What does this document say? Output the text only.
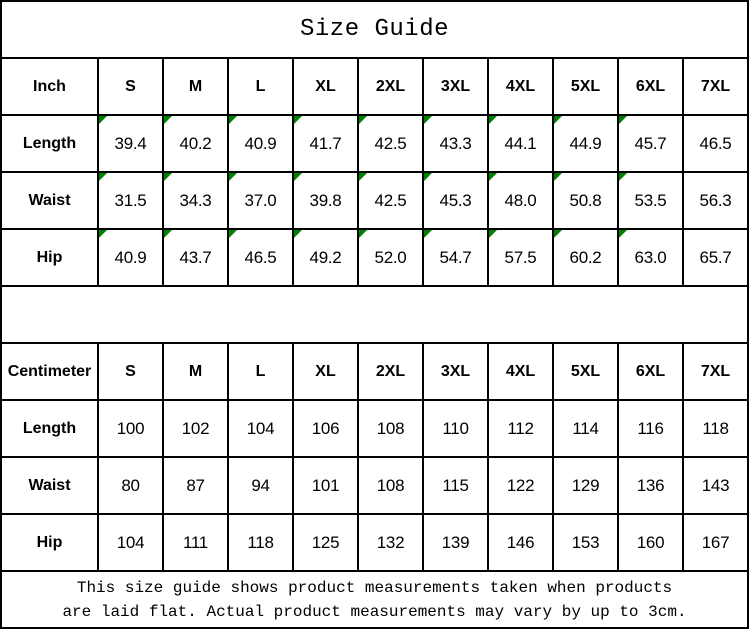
Size Guide
Inch	S	M	L	XL	2XL	3XL	4XL	5XL	6XL	7XL
Length	39.4 40.2 40.9 41.7 42.5 43.3 44.1 44.9 45.7 46.5
Waist	31.5 34.3 37.0 39.8 42.5 45.3 48.0 50.8 53.5 56.3
Hip	40.9 43.7 46.5 49.2 52.0 54.7 57.5 60.2 63.0 65.7
Centimeter	S	M	L	XL	2XL	3XL	4XL	5XL	6XL	7XL
Length	100	102	104	106	108	110	112	114	116	118
Waist	80	87	94	101	108	115	122	129	136	143
Hip	104	111	118	125	132	139	146	153	160	167
This size guide shows product measurements taken when products
are laid flat. Actual product measurements may vary by up to 3cm.
